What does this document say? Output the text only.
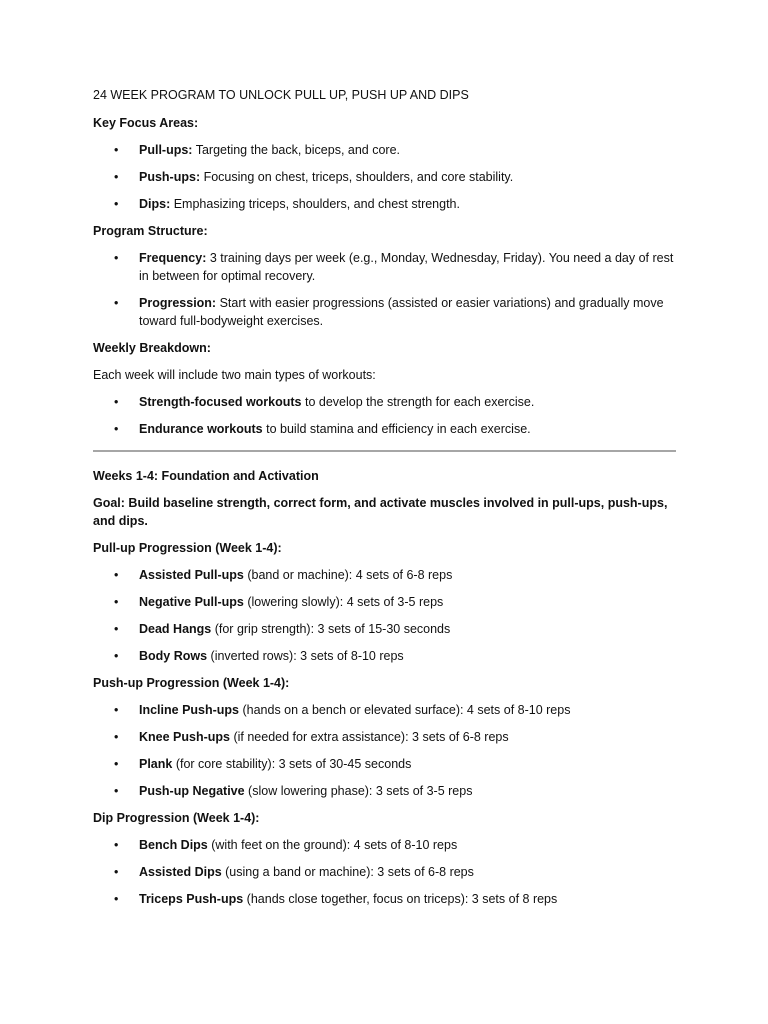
24 WEEK PROGRAM TO UNLOCK PULL UP, PUSH UP AND DIPS

Key Focus Areas:

• Pull-ups: Targeting the back, biceps, and core.
• Push-ups: Focusing on chest, triceps, shoulders, and core stability.
• Dips: Emphasizing triceps, shoulders, and chest strength.

Program Structure:

• Frequency: 3 training days per week (e.g., Monday, Wednesday, Friday). You need a day of rest in between for optimal recovery.
• Progression: Start with easier progressions (assisted or easier variations) and gradually move toward full-bodyweight exercises.

Weekly Breakdown:

Each week will include two main types of workouts:

• Strength-focused workouts to develop the strength for each exercise.
• Endurance workouts to build stamina and efficiency in each exercise.

Weeks 1-4: Foundation and Activation

Goal: Build baseline strength, correct form, and activate muscles involved in pull-ups, push-ups, and dips.

Pull-up Progression (Week 1-4):

• Assisted Pull-ups (band or machine): 4 sets of 6-8 reps
• Negative Pull-ups (lowering slowly): 4 sets of 3-5 reps
• Dead Hangs (for grip strength): 3 sets of 15-30 seconds
• Body Rows (inverted rows): 3 sets of 8-10 reps

Push-up Progression (Week 1-4):

• Incline Push-ups (hands on a bench or elevated surface): 4 sets of 8-10 reps
• Knee Push-ups (if needed for extra assistance): 3 sets of 6-8 reps
• Plank (for core stability): 3 sets of 30-45 seconds
• Push-up Negative (slow lowering phase): 3 sets of 3-5 reps

Dip Progression (Week 1-4):

• Bench Dips (with feet on the ground): 4 sets of 8-10 reps
• Assisted Dips (using a band or machine): 3 sets of 6-8 reps
• Triceps Push-ups (hands close together, focus on triceps): 3 sets of 8 reps
